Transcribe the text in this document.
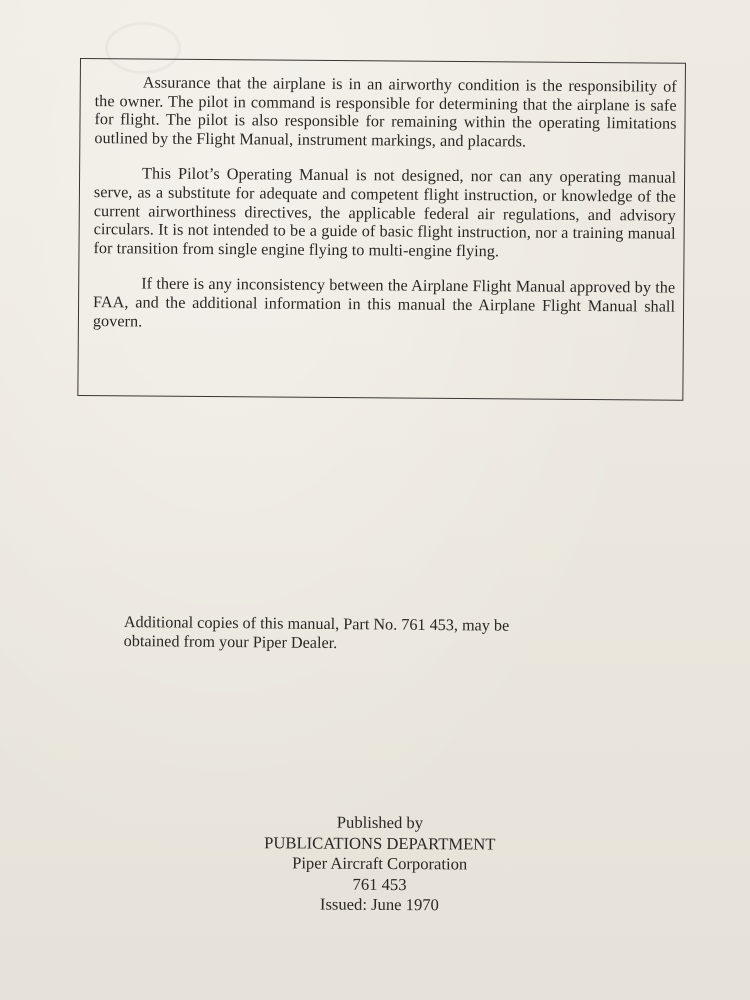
Assurance that the airplane is in an airworthy condition is the responsibility of the owner. The pilot in command is responsible for determining that the airplane is safe for flight. The pilot is also responsible for remaining within the operating limitations outlined by the Flight Manual, instrument markings, and placards.

This Pilot’s Operating Manual is not designed, nor can any operating manual serve, as a substitute for adequate and competent flight instruction, or knowledge of the current airworthiness directives, the applicable federal air regulations, and advisory circulars. It is not intended to be a guide of basic flight instruction, nor a training manual for transition from single engine flying to multi-engine flying.

If there is any inconsistency between the Airplane Flight Manual approved by the FAA, and the additional information in this manual the Airplane Flight Manual shall govern.

Additional copies of this manual, Part No. 761 453, may be
obtained from your Piper Dealer.
Published by
PUBLICATIONS DEPARTMENT
Piper Aircraft Corporation
761 453
Issued: June 1970
